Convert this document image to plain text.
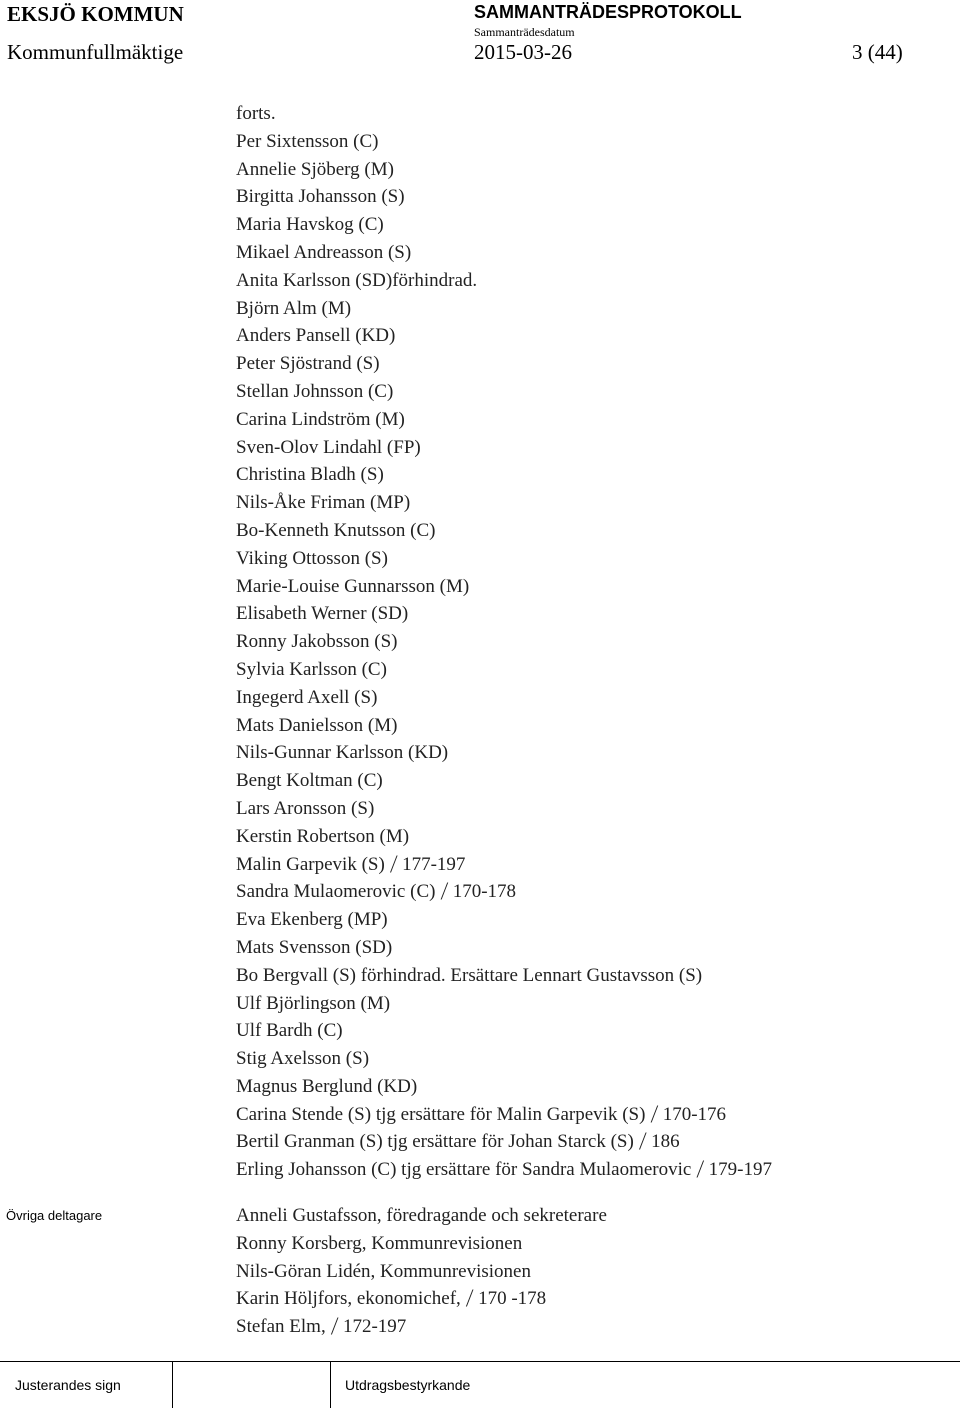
EKSJÖ KOMMUN	SAMMANTRÄDESPROTOKOLL
Sammanträdesdatum
Kommunfullmäktige	2015-03-26	3 (44)
forts.
Per Sixtensson (C)
Annelie Sjöberg (M)
Birgitta Johansson (S)
Maria Havskog (C)
Mikael Andreasson (S)
Anita Karlsson (SD)förhindrad.
Björn Alm (M)
Anders Pansell (KD)
Peter Sjöstrand (S)
Stellan Johnsson (C)
Carina Lindström (M)
Sven-Olov Lindahl (FP)
Christina Bladh (S)
Nils-Åke Friman (MP)
Bo-Kenneth Knutsson (C)
Viking Ottosson (S)
Marie-Louise Gunnarsson (M)
Elisabeth Werner (SD)
Ronny Jakobsson (S)
Sylvia Karlsson (C)
Ingegerd Axell (S)
Mats Danielsson (M)
Nils-Gunnar Karlsson (KD)
Bengt Koltman (C)
Lars Aronsson (S)
Kerstin Robertson (M)
Malin Garpevik (S) / 177-197
Sandra Mulaomerovic (C) / 170-178
Eva Ekenberg (MP)
Mats Svensson (SD)
Bo Bergvall (S) förhindrad. Ersättare Lennart Gustavsson (S)
Ulf Björlingson (M)
Ulf Bardh (C)
Stig Axelsson (S)
Magnus Berglund (KD)
Carina Stende (S) tjg ersättare för Malin Garpevik (S) / 170-176
Bertil Granman (S) tjg ersättare för Johan Starck (S) / 186
Erling Johansson (C) tjg ersättare för Sandra Mulaomerovic / 179-197
Övriga deltagare	Anneli Gustafsson, föredragande och sekreterare
Ronny Korsberg, Kommunrevisionen
Nils-Göran Lidén, Kommunrevisionen
Karin Höljfors, ekonomichef, / 170 -178
Stefan Elm, / 172-197
Justerandes sign	Utdragsbestyrkande
